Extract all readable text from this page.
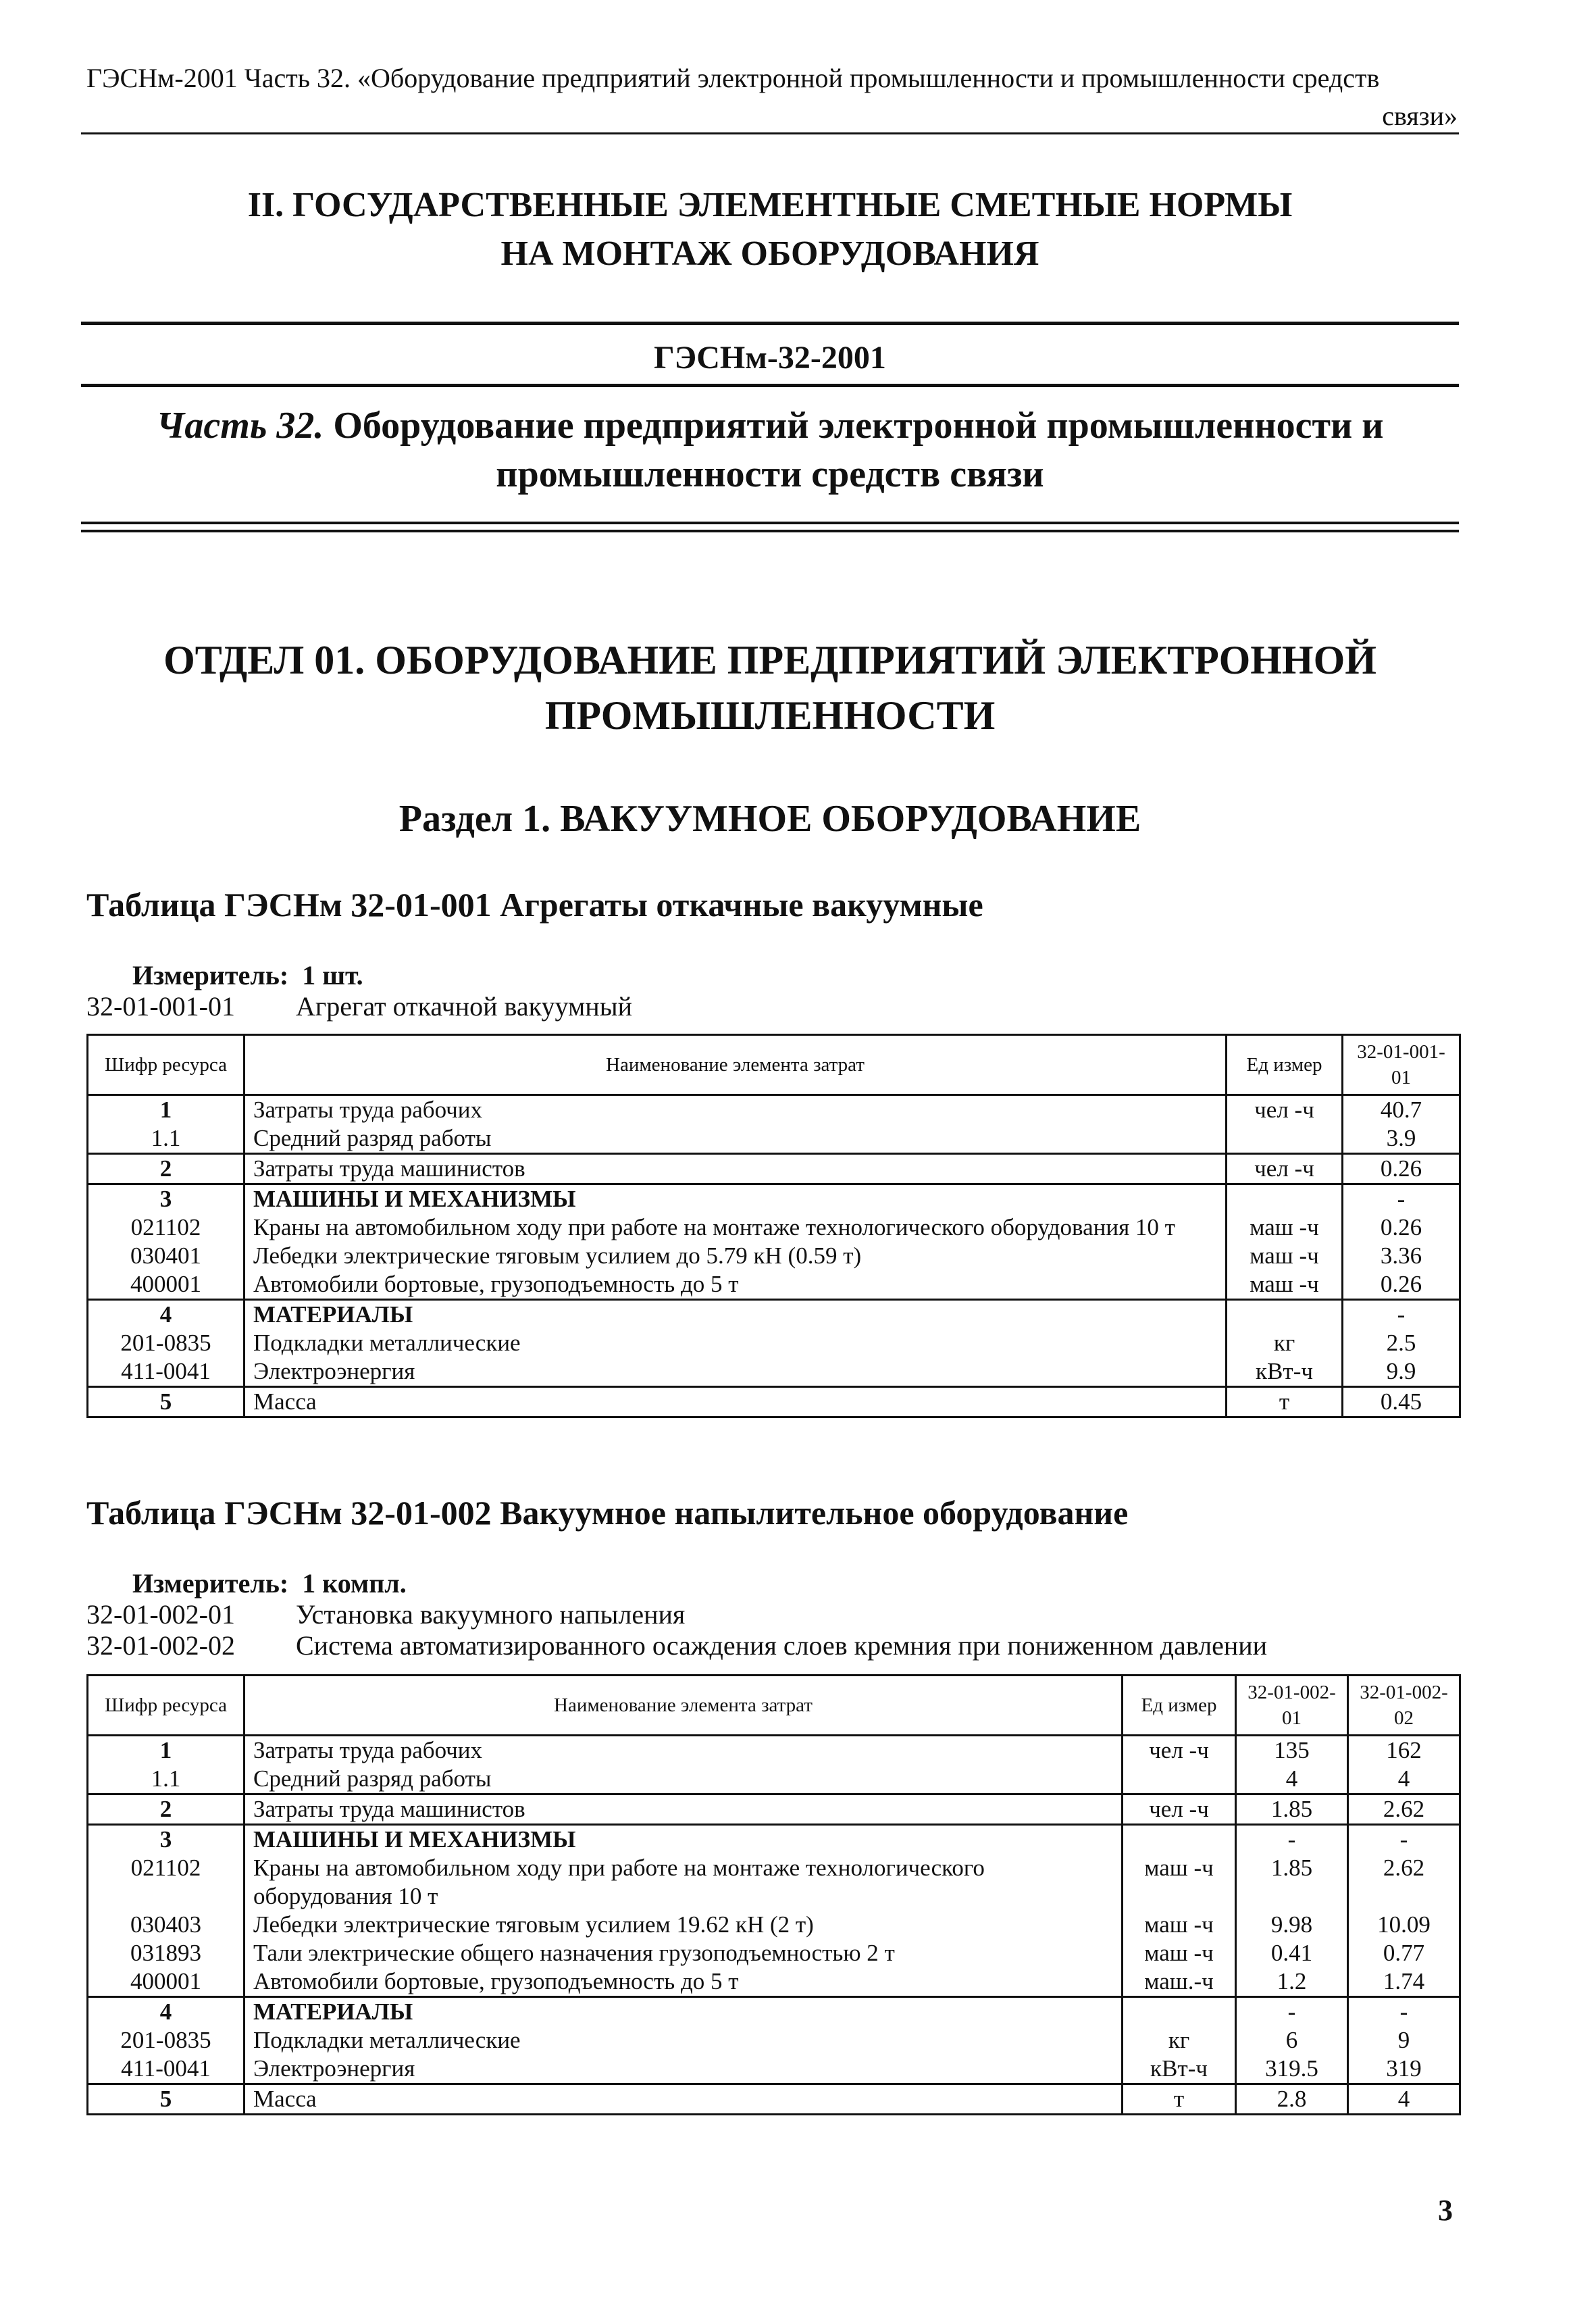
ГЭСНм-2001 Часть 32. «Оборудование предприятий электронной промышленности и промышленности средств
связи»
II. ГОСУДАРСТВЕННЫЕ ЭЛЕМЕНТНЫЕ СМЕТНЫЕ НОРМЫ
НА МОНТАЖ ОБОРУДОВАНИЯ
ГЭСНм-32-2001
Часть 32. Оборудование предприятий электронной промышленности и
промышленности средств связи
ОТДЕЛ 01. ОБОРУДОВАНИЕ ПРЕДПРИЯТИЙ ЭЛЕКТРОННОЙ
ПРОМЫШЛЕННОСТИ
Раздел 1. ВАКУУМНОЕ ОБОРУДОВАНИЕ
Таблица ГЭСНм 32-01-001 Агрегаты откачные вакуумные
Измеритель: 1 шт.
32-01-001-01 Агрегат откачной вакуумный
Шифр ресурса	Наименование элемента затрат	Ед измер	32-01-001-01
1	Затраты труда рабочих	чел -ч	40.7
1.1	Средний разряд работы		3.9
2	Затраты труда машинистов	чел -ч	0.26
3	МАШИНЫ И МЕХАНИЗМЫ		-
021102	Краны на автомобильном ходу при работе на монтаже технологического оборудования 10 т	маш -ч	0.26
030401	Лебедки электрические тяговым усилием до 5.79 кН (0.59 т)	маш -ч	3.36
400001	Автомобили бортовые, грузоподъемность до 5 т	маш -ч	0.26
4	МАТЕРИАЛЫ		-
201-0835	Подкладки металлические	кг	2.5
411-0041	Электроэнергия	кВт-ч	9.9
5	Масса	т	0.45
Таблица ГЭСНм 32-01-002 Вакуумное напылительное оборудование
Измеритель: 1 компл.
32-01-002-01 Установка вакуумного напыления
32-01-002-02 Система автоматизированного осаждения слоев кремния при пониженном давлении
Шифр ресурса	Наименование элемента затрат	Ед измер	32-01-002-01	32-01-002-02
1	Затраты труда рабочих	чел -ч	135	162
1.1	Средний разряд работы		4	4
2	Затраты труда машинистов	чел -ч	1.85	2.62
3	МАШИНЫ И МЕХАНИЗМЫ		-	-
021102	Краны на автомобильном ходу при работе на монтаже технологического оборудования 10 т	маш -ч	1.85	2.62
030403	Лебедки электрические тяговым усилием 19.62 кН (2 т)	маш -ч	9.98	10.09
031893	Тали электрические общего назначения грузоподъемностью 2 т	маш -ч	0.41	0.77
400001	Автомобили бортовые, грузоподъемность до 5 т	маш.-ч	1.2	1.74
4	МАТЕРИАЛЫ		-	-
201-0835	Подкладки металлические	кг	6	9
411-0041	Электроэнергия	кВт-ч	319.5	319
5	Масса	т	2.8	4
3
